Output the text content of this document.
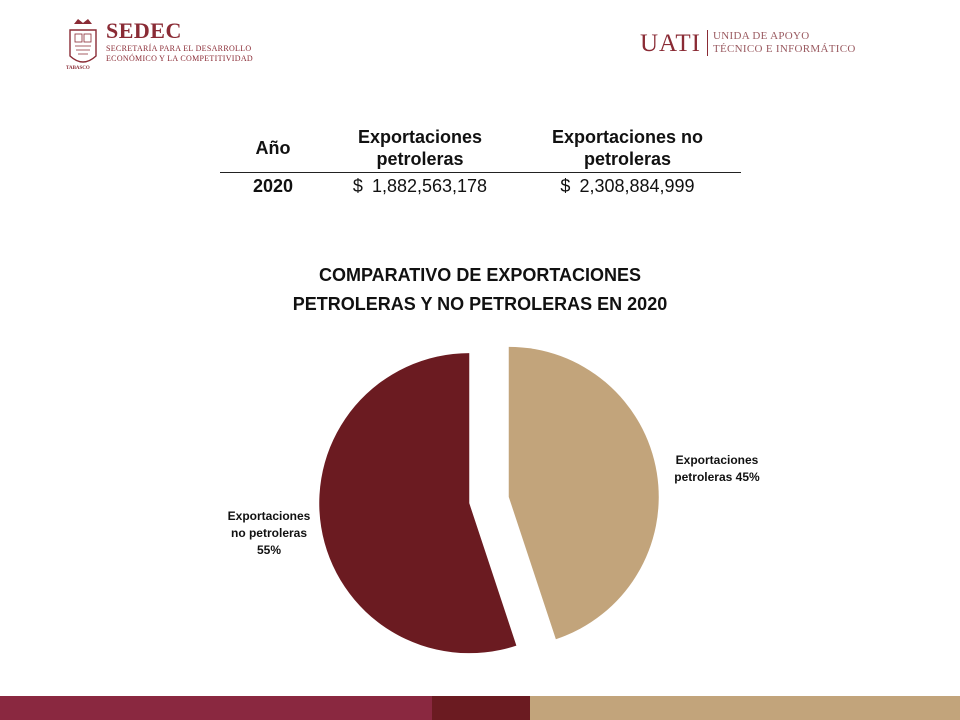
SEDEC
SECRETARÍA PARA EL DESARROLLO
ECONÓMICO Y LA COMPETITIVIDAD
TABASCO
UATI UNIDA DE APOYO
TÉCNICO E INFORMÁTICO
Año	Exportaciones petroleras	Exportaciones no petroleras
2020	$ 1,882,563,178	$ 2,308,884,999
COMPARATIVO DE EXPORTACIONES
PETROLERAS Y NO PETROLERAS EN 2020
Exportaciones
petroleras 45%
Exportaciones
no petroleras
55%
